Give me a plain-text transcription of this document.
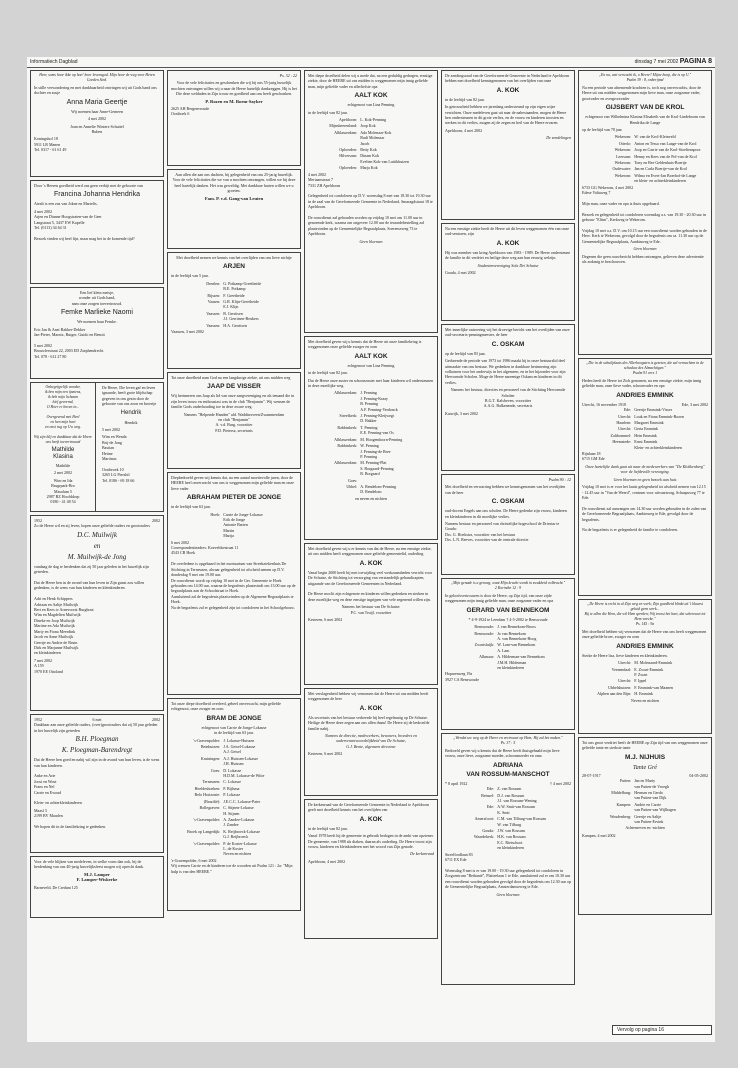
Informatiech Dagblad	dinsdag 7 mei 2002 PAGINA 8

Heer, soms hoor ikke op hoe! hoor levensgod. Mijn hoor de weg voor Heren Goeden Sted.

In stille verwondering en met dankbaarheid ontvingen wij uit Gods hand ons dochter en zusje

Anna Maria Geertje

Wij noemen haar Anne-Gerneen

4 mei 2002

Joan en Annelie Winters-Schuttel
Ruben

Koningshof 18
5911 LR Manen
Tel. 0317 - 61 61 49

Door 's Heeren goedheid werd ons geen verbijt met de geboorte van

Francina Johanna Hendrika

Atealt is een zus van Jokne en Martelis.

4 mei 2002
Arjen en Dianne Hoogstraten-van de Geer
Langstraat 5, 3437 EW Kapelle
Tel. (0113) 34 64 31

Bezoek vinden wij heel fijn, maar mag het in de komende tijd?

Een lief klein meisje,
wonder uit Gods hand,
nam onze zorgen toevertrouwd.

Femke Marlieke Naomi

We noemen haar Femke.

Eric Jan & Anet Bakker-Dekker
Jan-Pieter, Marnix, Rutger, Guido en Benoit

5 mei 2002
Brouwlerstraat 22, 2003 ED Zutphendrecht
Tel. 078 - 612 27 80

Onbegrijpelijk wonder,
ik ben mijn een ijsmens,
ik heb mijn lichaam
hief gevormd,
O Hoer er boven in...

Overgevend met Heel
en hen mijn hart
en onst rug op Uw weg.

Wij zijn blij en dankbaar dat de Heere ons heeft toevertrouwd

Mathilde
Klasina

Mathilde

2 mei 2002

Wim en Ida
Brugrpark-Bro
Masalum 5
2987 BZ Hoofddorp
0180 - 41 48 54

De Heere, Die leven gaf en leven ignaarde, heeft grote blijdschap gegeven in ons gezin door de geboorte van ons zoon en broertje

Hendrik

Hendrik

5 mei 2002

Wim en Wenda
Brij-de Jong
Bastian
Heiine
Martinus

Oostbroek 10
3265 LG Piershil
Tel. 0186 - 69 18 66

1952	2002

Zo de Heere wil en zij leven, hopen onze geliefde ouders en grootouders

D.C. Muilwijk
en
M. Muilwijk-de Jong

vandaag de dag te herdenken dat zij 50 jaar geleden in het huwelijk zijn getreden.

Dat de Heere hen in de avond van hun leven in Zijn gunst zou willen gedenken, is de wens van hun kinderen en kleinkinderen.

Adri en Henk Schippers
Adriaan en Aaltje Muilwijk
Bert en Kees tv Arnevoorst Burghout
Wim en Magdelien Muilwijk
Dineke en Joop Muilwijk
Martine en Ada Muilwijk
Marty en Fiona Meerdink
Jacob en Anne Muilwijk
Geertje en Andrie de Bruin
Dirk en Marjanne Muilwijk
en kleinkinderen

7 mei 2002
A 159
1970 EE Ottoland

1952	6 mei	2002

Dankbaar aan onze geliefde ouders, (over)grootouders dat zij 50 jaar geleden in het huwelijk zijn getreden

B.H. Ploegman
K. Ploegman-Barendregt

Dat de Heere hen goed en nabij wil zijn in de avond van hun leven, is de wens van hun kinderen.

Anke en Arie
Joost en Wout
Frans en Nel
Carrie en Ewoud

Klein- en achterkleinkinderen

Maasl 3
2199 BV Maarlen

We hopen dit in de familiekring te gedenken.

Voor de vele blijken van medeleven, in welke vorm dan ook, bij de herdenking van ons 40-jarig huwelijksfeest mogen wij oprecht dank.

M.J. Lamper
F. Lamper-Wiskerke

Barneveld, De Credant 125

Ps. 32 : 22

Voor de vele felicitaties en geschenken die wij bij ons 55-jarig huwelijk mochten ontvangen willen wij u naar de Heere hartelijk dankzeggen. Hij is het Die deze weldaden in Zijn trouw en goedheid aan ons heeft geschonken.

P. Rozen en M. Roem-Sayker

2625 AH Bergenvroude
Oosthoek 6

Aan allen die aan ons dachten, bij gelegenheid van ons 25-jarig huwelijk.
Voor de vele felicitaties die we van u mochten ontvangen, willen we bij deze heel hartelijk danken. Het was geweldig. Met dankbare harten willen we u groeten.

Fam. P. v.d. Gang-van Leuten

Met droefheid nemen we kennis van het overlijden van ons lieve nichtje

ARJEN

in de leeftijd van 5 jaar.

Drenlen: G. Potkamp-Greetheide
B.E. Potkamp
Rijssen: F. Greetheide
Vaasen: G.R. Klijn-Greetheide
E.J. Klijn
Vaassen: B. Gerritsen
J.J. Gerritsen-Beukers
Vaassen: H.A. Gerritsen

Vaassen, 3 mei 2002

Tot onze droefheid nam God na een langdurige ziekte, uit ons midden weg

JAAP DE VISSER

Wij herinneren ons Jaap als lid van onze zangvereniging en als iemand die in zijn leven trouw en enthousiast was in de club "Benjamin". Wij wensen de familie Gods onderhouding toe in deze zware weg.

Namens "Helpende Handen" afd. Waddinxveen/Zwammerdam
en club "Benjamin"
A. v.d. Burg, voorzitter
P.D. Pietersz, secretaris

Diepbedroefd geven wij kennis dat, na een aantal moeitevolle jaren, door de HEERE heel onverwacht van ons is weggenomen mijn geliefde man en onze lieve vader

ABRAHAM PIETER DE JONGE

in de leeftijd van 63 jaar.

Hoek: Carrie de Jonge-Lokasse
Erik de Jonge
Antonie Barten
Martin
Marija

6 mei 2002
Correspondentieadres: Koeveldsestraat 11
4543 CB Hoek

De overledene is opgebaard in het mortuarium van Streekziekenhuis De Stichting in Terneuzen, alwaar gelegenheid tot afscheid nemen op D.V. donderdag 9 mei om 19.00 uur.
De rouwdienst wordt op vrijdag 10 mei in de Ger. Gemeente te Hoek gehouden om 14.00 uur, waarna de begrafenis plaatsvindt om 13.00 uur op de begraafplaats aan de Schoolstraat te Hoek.
Aansluitend zal de begrafenis plaatsvinden op de Algemene Begraafplaats te Hoek.
Na de begrafenis zal er gelegenheid zijn tot condoleren in het Schoolgebouw.

Tot onze diepe droefheid overleed, geheel onverwacht, mijn geliefde echtgenoot, onze zwager en oom

BRAM DE JONGE

echtgenoot van Carrie de Jonge-Lokasse
in de leeftijd van 63 jaar.

's-Gravenpolder: J. Lokasse-Huissen
Beinhuizen: J.A. Geisel-Lokasse
A.J. Geisel
Kruiningen: A.J. Huissen-Lokasse
J.H. Huissen
Goes: D. Lokasse
H.D.M. Lokasse-de Witte
Terneuzen: C. Lokasse
Heeldeshoeken: P. Bijlsma
Belo Horizonte: P. Lokasse
(Brazilië): J.E.C.C. Lokasse-Pater
Bollegraven: C. Stijnen-Lokasse
H. Stijnen
's-Gravenpolder: A. Zandee-Lokasse
J. Zandee
Broek op Langedijk: K. Reijbroeck-Lokasse
G.J. Reijbroeck
's-Gravenpolder: P. de Koster-Lokasse
L. de Koster
Neven en nichten

's-Gravenpolder, 6 mei 2002
Wij wensen Carrie en de kinderen toe de woorden uit Psalm 121 : 2a: "Mijn hulp is van den HEERE."

Met diepe droefheid delen wij u mede dat, na een geduldig gedragen, ernstige ziekte, door de HEERE uit ons midden is weggenomen mijn innig geliefde man, mijn geliefde vader en allerliefste opa

AALT KOK

echtgenoot van Lina Penning

in de leeftijd van 82 jaar.

Apeldoorn: L. Kok-Penning
Mijnsheerenland: Joop Kok
Alblasserdam: Ada Molenaar-Kok
Rudi Molenaar
Jacob
Oploerden: Betty Kok
Hilversum: Dinam Kok
Evelien Kok-van Luttikhuizen
Oploerden: Marja Kok

4 mei 2002
Meriaanstraat 7
7331 ZH Apeldoorn

Gelegenheid tot condoleren op D.V. woensdag 8 mei van 18.30 tot 19.30 uur in de zaal van de Gereformeerde Gemeente in Nederland, Smaragdstraat 18 te Apeldoorn.

De rouwdienst zal gehouden worden op vrijdag 10 mei om 11.00 uur in genoemde kerk, waarna om ongeveer 12.00 uur de teraardebestelling zal plaatsvinden op de Gemeentelijke Begraafplaats, Soerenseweg 73 te Apeldoorn.

Geen bloemen

Met droefheid geven wij u kennis dat de Heere uit onze familiekring is weggenomen onze geliefde zwager en oom

AALT KOK

echtgenoot van Lina Penning

in de leeftijd van 82 jaar.

Dat de Heere onze zuster en schoonzuster met haar kinderen wil ondersteunen in deze moeilijke weg.

Alblasserdam: J. Penning
J. Penning-Kraay
B. Penning
A.F. Penning-Verdonck
Streefkerk: J. Penning-Kleijwegt
D. Bakker
Rabbinkerk: T. Penning
E.E. Penning-van Os
Alblasserdam: M. Hoogendoorn-Penning
Rabbinkerk: W. Penning
J. Penning-de Bree
P. Penning
Alblasserdam: M. Penning-Plat
S. Borgaard-Penning
B. Borgaard
Goes:
Ubbel: A. Rendelom-Penning
D. Rendelom

en neven en nichten

Met droefheid geven wij u er kennis van dat de Heere, na een ernstige ziekte, uit ons midden heeft weggenomen onze geliefde gemeentelid, ouderling

A. KOK

Vanaf begin 2000 heeft hij met toewijding veel werkzaamheden verricht voor De Schutse, de Stichting tot verzorging van verstandelijk gehandicapten, uitgaande van de Gereformeerde Gemeenten in Nederland.

De Heere moclit zijn echtgenote en kinderen willen gedenken en sterken in deze moeilijke weg en deze ernstige ingrijpen van vele zegenend willen zijn.

Namens het bestuur van De Schutse:
P.C. van Truijl, voorzitter

Kesteren, 6 mei 2002

Met verslagenheid hebben wij vernomen dat de Heere uit ons midden heeft weggenomen de heer

A. KOK

Als secretaris van het bestuur verkeerde hij heel regelmatig op De Schutse. Heilige de Heere deze zegen aan ons allen thans! De Heere zij de bedroefde familie nabij.

Namens de directie, medewerkers, bewoners, broeders en ouderverantwoordelijkheid van De Schutse,
G.J. Bente, algemeen directeur

Kesteren, 6 mei 2002

De kerkenraad van de Gereformeerde Gemeente in Nederland te Apeldoorn geeft met droefheid kennis van het overlijden van

A. KOK

in de leeftijd van 82 jaar.

Vanaf 1978 heeft hij de gemeente in gebruik bedogen in de ambt van opziener. De gemeente, van 1988 als diaken, daarna als ouderling. De Heere troost zijn vrouw, kinderen en kleinkinderen met het woord van Zijn genade.

De kerkenraad

Apeldoorn, 4 mei 2002

De zendingsraad van de Gereformeerde Gemeente in Nederland te Apeldoorn hebben met droefheid kennisgenomen van het overlijden van onze

A. KOK

in de leeftijd van 82 jaar.

In getrouwheid hebben we jarenlang ondersteund op zijn eigen wijze verrichten. Onze medeleven gaat uit naar de nabestaanden, mogen de Heere hen ondersteunen in dit grote verlies, en de vrouw en kinderen troosten en sterken in dit verlies, mogen zij de zegen en heil van de Heere ervaren.

Apeldoorn, 4 mei 2002

De zendelingen

Na een ernstige ziekte heeft de Heere uit dit leven weggenomen één van onze oud-senioren, zijn

A. KOK

Hij was member van kring Apeldoorn van 1983 - 1989. De Heere ondersteune de familie in dit verdriet en heilige deze weg aan hun eeuwig welzijn.

Studentenvereniging Sola Dei Schutse

Gouda, 4 mei 2002

Met innerlijke ontroering wij het droevige bericht van het overlijden van onze oud-secretaris-penningmeester, de heer

C. OSKAM

op de leeftijd van 83 jaar.

Gedurende de periode van 1973 tot 1986 maakt hij in onze bestuurslid deel uitmaakte van ons bestuur. We gedenken in dankbare herinnering zijn volkomen voor het onderwijs in het algemeen, en in het bijzonder voor zijn Hervormde Scholen. Moge de Heere nareenige Oskam en kinderen in dit verlies.

Namens het bestuur, directies en personeel van de Stichting Hervormde Scholen
B.G.T. Kalsbeven, voorzitter
A.A.G. Balkenende, secretaris

Katwijk, 3 mei 2002

Psalm 90 : 12

Met droefheid en verwarring hebben we kennisgenomen van het overlijden van de heer

C. OSKAM

oud-docent Engels aan ons scholen. De Heere gedenke zijn vrouw, kinderen en kleinkinderen in dit moeilijke verlies.

Namens bestuur en personeel van christelijke hogeschool de Driestar te Gouda:
Drs. G. Hoekstra, voorzitter van het bestuur
Drs. L.N. Reeves, voorzitter van de centrale directie

„Mijn genade is u genoeg, want Mijn kracht wordt in zwakheid volbracht."
2 Korinthe 12 : 9

In geloofsvertrouwen is door de Heere, op Zijn tijd, van onze zijde weggenomen mijn innig geliefde man, onze zorgzame vader en opa

GERARD VAN BENNEKOM

* 4-9-1924 te Leerdam † 4-5-2002 te Renswoude

Renswoude: J. van Bennekom-Broos
Renswoude: Jo van Bennekom
A. van Bennekom-Hoog
Zwartsluijk: W. Lam-van Bennekom
A. Lam
Alkmaar: A. Hilderman-van Bennekom
J.M.H. Hilderman
en kleinkinderen

Hoparenweg 19a
3927 CA Renswoude

„Wendet uw weg op de Heere en vertrouwt op Hem; Hij zal het maken."
Ps. 37 : 5

Bedroefd geven wij u kennis dat de Heere heeft thuisgehaald mijn lieve vrouw, onze lieve, zorgzame moeder, schoonmoeder en oma

ADRIANA
VAN ROSSUM-MANSCHOT
* 8 april 1922	† 4 mei 2002
Ede: Z. van Rossum
Beinsel: D.J. van Rossum
J.J. van Rossum-Wening
Ede: A.W. Smit-van Rossum
K. Smit
Amersfoort: C.M. van Tilburg-van Rossum
W. van Tilburg
Gouda: J.W. van Rossum
Waardekerk: H.K. van Rossum
E.C. Rietschoot
en kleinkinderen

Streelfordlaan 83
6711 EX Ede

Woensdag 8 mei is er van 19.00 - 19.30 uur gelegenheid tot condoleren in Zorgcentrum "Bethanië", Platteelaan 1 te Ede, aansluitend zal er om 10.30 uur een rouwdienst worden gehouden gevolgd door de begrafenis om 12.30 uur op de Gemeentelijke Begraafplaats, Amsterdamseweg te Ede.

Geen bloemen

„En nu, wat verwacht ik, o Heere? Mijne hoop, die is op U."
Psalm 39 : 8, onberijmd

Na een periode van afnemende krachten is, toch nog onverwachts, door de Heere uit ons midden weggenomen mijn lieve man, onze zorgzame vader, grootvader en overgrootvader

GIJSBERT VAN DE KROL

echtgenoot van Wilhelmina Klasina Elisabeth van de Krol-Lindeboom van Hendrika de Lange

op de leeftijd van 78 jaar

Wekerom: W. van de Krol-Kleinveld
Otterlo: Anton en Tessa van Laage-van de Krol
Wekerom: Joop en Carrie van de Krol-Stoeltenspoor
Leersum: Henny en Kees van de Pol-van de Krol
Wekerom: Tony en Bee Geldenhuis-Boertje
Oudewater: Jan en Carla Boertje-van de Krol
Wekerom: Wilma en Evert-Jan Boerhof-de Lange
en klein- en achterkleinkinderen

6733 GG Wekerom, 4 mei 2002
Edese Valtaweg 7

Mijn man, onze vader en opa is thuis opgebaard.

Bezoek en gelegenheid tot condoleren woensdag a.s. van 19.30 - 20.30 uur in gebouw "Eltim", Kerkweg te Wekerom.

Vrijdag 10 mei a.s. D.V. om 10.15 uur een rouwdienst worden gehouden in de Herv. Kerk te Wekerom, gevolgd door de begrafenis om ca. 11.30 uur op de Gemeentelijke Begraafplaats, Aanbinweg te Ede.

Geen bloemen

Degenen die geen rouwbericht hebben ontvangen, gelieven deze advertentie als zodanig te beschouwen.

„Die in de schuilplaats des Allerhoogsten is gezeten, die zal vernachten in de schaduw des Almachtigen."
Psalm 91 vers 1

Heden heeft de Heere tot Zich genomen, na een ernstige ziekte, mijn innig geliefde man, onze lieve vader, schoonvader en opa

ANDRIES EMMINK
Utrecht, 16 november 1918	Ede, 3 mei 2002
Ede: Geertje Emmink-Visser
Utrecht: Louk en Fiona Emmink-Rozen
Haarlem: Margaret Emmink
Utrecht: Gerta Emmink
Zaltbommel: Hein Emmink
Heemstede: Ernst Emmink
Klein- en achterkleinkinderen

Rijnlaan 18
6715 GM Ede

Onze hartelijke dank gaat uit naar de medewerkers van "De Klokkenberg" voor de liefdevolle verzorging.

Geen bloemen en geen bezoek aan huis

Vrijdag 10 mei is er voor het laatst gelegenheid tot afscheid nemen van 12.15 - 12.45 uur in "Van de Weerd", centrum voor uitvaartzorg, Schaapsweg 77 te Ede.

De rouwdienst zal aanvangen om 14.30 uur worden gehouden in de zalen van de Gereformeerde Begraafplaats, Aanbinweg te Ede, gevolgd door de begrafenis.

Na de begrafenis is er gelegenheid de familie te condoleren.

„De Heere is recht in al Zijn weg en werk; Zijn goedheid blinkt uit 't klaarst geluid geen werk...
Bij te allen die Hem, die wil Hem spreken; Wij troost het hart, dat schreeuwt tot Hem wrecke."
Ps. 145 : 9a

Met droefheid hebben wij vernomen dat de Heere van ons heeft weggenomen onze geliefde broer, zwager en oom

ANDRIES EMMINK

Sterke de Heere lisa, lieve kinderen en kleinkinderen.

Utrecht: M. Molenaard-Emmink
Veenendaal: E. Zwart-Emmink
P. Zwart
Utrecht: F. Ippel
Ubbelshuizen: F. Emmink-van Maanen
Alphen aan den Rijn: H. Emmink

Neven en nichten

Tot ons groot verdriet heeft de HEERE op Zijn tijd van ons weggenomen onze geliefde tante en sterkste tante

M.J. NIJHUIS
Tante Gré
28-07-1917	04-05-2002
Putten: Jan en Marty
van Putten-de Vroegh
Middelburg: Herman en Gerda
van Putten-van Dijk
Kampen: Andrie en Carrie
van Putten-van Wijlhagen
Woudenberg: Geertje en Aaltje
van Putten-Ervink

Achterneven en -nichten

Kampen, 4 mei 2002

Vervolg op pagina 16
